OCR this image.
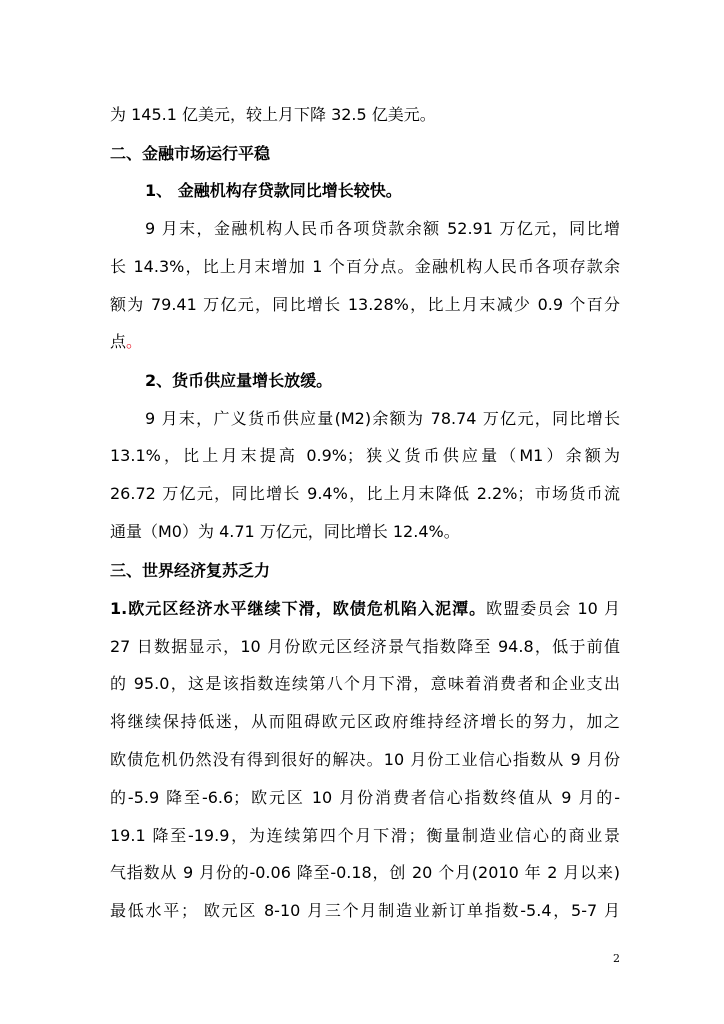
为 145.1 亿美元，较上月下降 32.5 亿美元。
二、金融市场运行平稳
1、 金融机构存贷款同比增长较快。
9 月末，金融机构人民币各项贷款余额 52.91 万亿元，同比增
长 14.3%，比上月末增加 1 个百分点。金融机构人民币各项存款余
额为 79.41 万亿元，同比增长 13.28%，比上月末减少 0.9 个百分
点。
2、货币供应量增长放缓。
9 月末，广义货币供应量(M2)余额为 78.74 万亿元，同比增长
13.1%，比上月末提高 0.9%；狭义货币供应量（M1）余额为
26.72 万亿元，同比增长 9.4%，比上月末降低 2.2%；市场货币流
通量（M0）为 4.71 万亿元，同比增长 12.4%。
三、世界经济复苏乏力
1.欧元区经济水平继续下滑，欧债危机陷入泥潭。欧盟委员会 10 月
27 日数据显示，10 月份欧元区经济景气指数降至 94.8，低于前值
的 95.0，这是该指数连续第八个月下滑，意味着消费者和企业支出
将继续保持低迷，从而阻碍欧元区政府维持经济增长的努力，加之
欧债危机仍然没有得到很好的解决。10 月份工业信心指数从 9 月份
的-5.9 降至-6.6；欧元区 10 月份消费者信心指数终值从 9 月的-
19.1 降至-19.9，为连续第四个月下滑；衡量制造业信心的商业景
气指数从 9 月份的-0.06 降至-0.18，创 20 个月(2010 年 2 月以来)
最低水平； 欧元区 8-10 月三个月制造业新订单指数-5.4，5-7 月
2
